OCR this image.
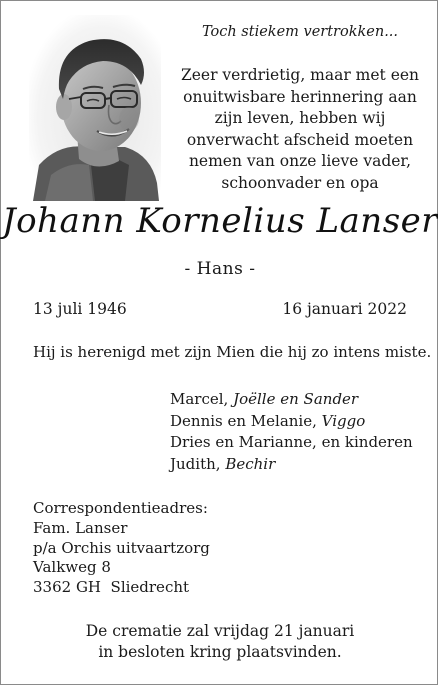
Toch stiekem vertrokken...
Zeer verdrietig, maar met een
onuitwisbare herinnering aan
zijn leven, hebben wij
onverwacht afscheid moeten
nemen van onze lieve vader,
schoonvader en opa
Johann Kornelius Lanser
- Hans -
13 juli 1946	16 januari 2022
Hij is herenigd met zijn Mien die hij zo intens miste.
Marcel, Joëlle en Sander
Dennis en Melanie, Viggo
Dries en Marianne, en kinderen
Judith, Bechir
Correspondentieadres:
Fam. Lanser
p/a Orchis uitvaartzorg
Valkweg 8
3362 GH  Sliedrecht
De crematie zal vrijdag 21 januari
in besloten kring plaatsvinden.
